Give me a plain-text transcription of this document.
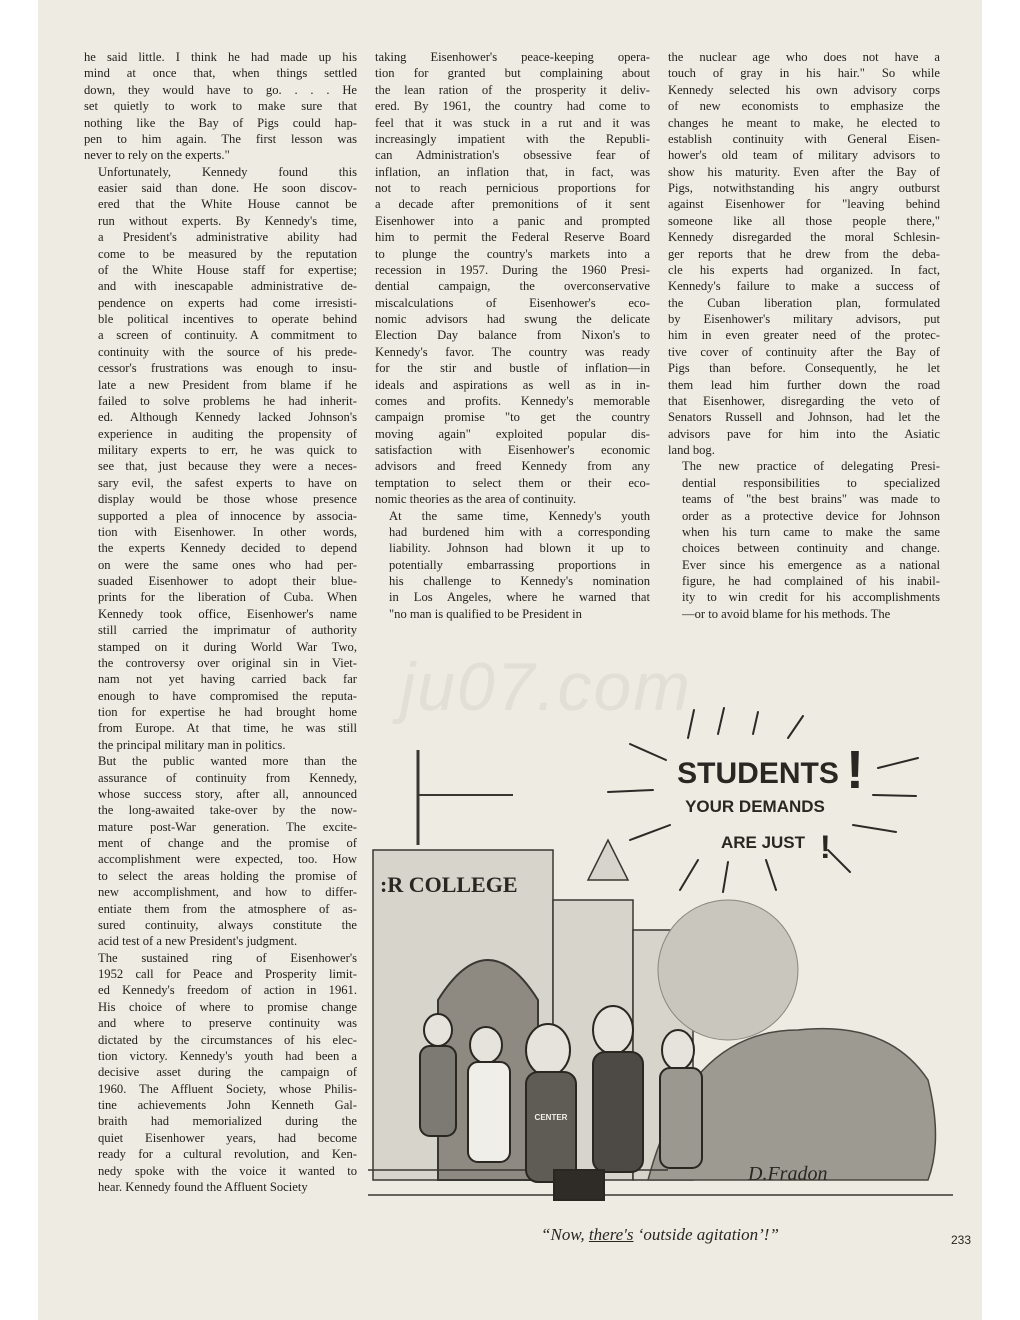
he said little. I think he had made up his
mind at once that, when things settled
down, they would have to go. . . . He
set quietly to work to make sure that
nothing like the Bay of Pigs could hap-
pen to him again. The first lesson was
never to rely on the experts."

Unfortunately, Kennedy found this
easier said than done. He soon discov-
ered that the White House cannot be
run without experts. By Kennedy's time,
a President's administrative ability had
come to be measured by the reputation
of the White House staff for expertise;
and with inescapable administrative de-
pendence on experts had come irresisti-
ble political incentives to operate behind
a screen of continuity. A commitment to
continuity with the source of his prede-
cessor's frustrations was enough to insu-
late a new President from blame if he
failed to solve problems he had inherit-
ed. Although Kennedy lacked Johnson's
experience in auditing the propensity of
military experts to err, he was quick to
see that, just because they were a neces-
sary evil, the safest experts to have on
display would be those whose presence
supported a plea of innocence by associa-
tion with Eisenhower. In other words,
the experts Kennedy decided to depend
on were the same ones who had per-
suaded Eisenhower to adopt their blue-
prints for the liberation of Cuba. When
Kennedy took office, Eisenhower's name
still carried the imprimatur of authority
stamped on it during World War Two,
the controversy over original sin in Viet-
nam not yet having carried back far
enough to have compromised the reputa-
tion for expertise he had brought home
from Europe. At that time, he was still
the principal military man in politics.

But the public wanted more than the
assurance of continuity from Kennedy,
whose success story, after all, announced
the long-awaited take-over by the now-
mature post-War generation. The excite-
ment of change and the promise of
accomplishment were expected, too. How
to select the areas holding the promise of
new accomplishment, and how to differ-
entiate them from the atmosphere of as-
sured continuity, always constitute the
acid test of a new President's judgment.

The sustained ring of Eisenhower's
1952 call for Peace and Prosperity limit-
ed Kennedy's freedom of action in 1961.
His choice of where to promise change
and where to preserve continuity was
dictated by the circumstances of his elec-
tion victory. Kennedy's youth had been a
decisive asset during the campaign of
1960. The Affluent Society, whose Philis-
tine achievements John Kenneth Gal-
braith had memorialized during the
quiet Eisenhower years, had become
ready for a cultural revolution, and Ken-
nedy spoke with the voice it wanted to
hear. Kennedy found the Affluent Society

taking Eisenhower's peace-keeping opera-
tion for granted but complaining about
the lean ration of the prosperity it deliv-
ered. By 1961, the country had come to
feel that it was stuck in a rut and it was
increasingly impatient with the Republi-
can Administration's obsessive fear of
inflation, an inflation that, in fact, was
not to reach pernicious proportions for
a decade after premonitions of it sent
Eisenhower into a panic and prompted
him to permit the Federal Reserve Board
to plunge the country's markets into a
recession in 1957. During the 1960 Presi-
dential campaign, the overconservative
miscalculations of Eisenhower's eco-
nomic advisors had swung the delicate
Election Day balance from Nixon's to
Kennedy's favor. The country was ready
for the stir and bustle of inflation—in
ideals and aspirations as well as in in-
comes and profits. Kennedy's memorable
campaign promise "to get the country
moving again" exploited popular dis-
satisfaction with Eisenhower's economic
advisors and freed Kennedy from any
temptation to select them or their eco-
nomic theories as the area of continuity.

At the same time, Kennedy's youth
had burdened him with a corresponding
liability. Johnson had blown it up to
potentially embarrassing proportions in
his challenge to Kennedy's nomination
in Los Angeles, where he warned that
"no man is qualified to be President in

the nuclear age who does not have a
touch of gray in his hair." So while
Kennedy selected his own advisory corps
of new economists to emphasize the
changes he meant to make, he elected to
establish continuity with General Eisen-
hower's old team of military advisors to
show his maturity. Even after the Bay of
Pigs, notwithstanding his angry outburst
against Eisenhower for "leaving behind
someone like all those people there,"
Kennedy disregarded the moral Schlesin-
ger reports that he drew from the deba-
cle his experts had organized. In fact,
Kennedy's failure to make a success of
the Cuban liberation plan, formulated
by Eisenhower's military advisors, put
him in even greater need of the protec-
tive cover of continuity after the Bay of
Pigs than before. Consequently, he let
them lead him further down the road
that Eisenhower, disregarding the veto of
Senators Russell and Johnson, had let the
advisors pave for him into the Asiatic
land bog.

The new practice of delegating Presi-
dential responsibilities to specialized
teams of "the best brains" was made to
order as a protective device for Johnson
when his turn came to make the same
choices between continuity and change.
Ever since his emergence as a national
figure, he had complained of his inabil-
ity to win credit for his accomplishments
—or to avoid blame for his methods. The

ju07.com
STUDENTS !
YOUR DEMANDS
ARE JUST !
:R COLLEGE
CENTER
D.Fradon
“Now, there's ‘outside agitation’!”	233
